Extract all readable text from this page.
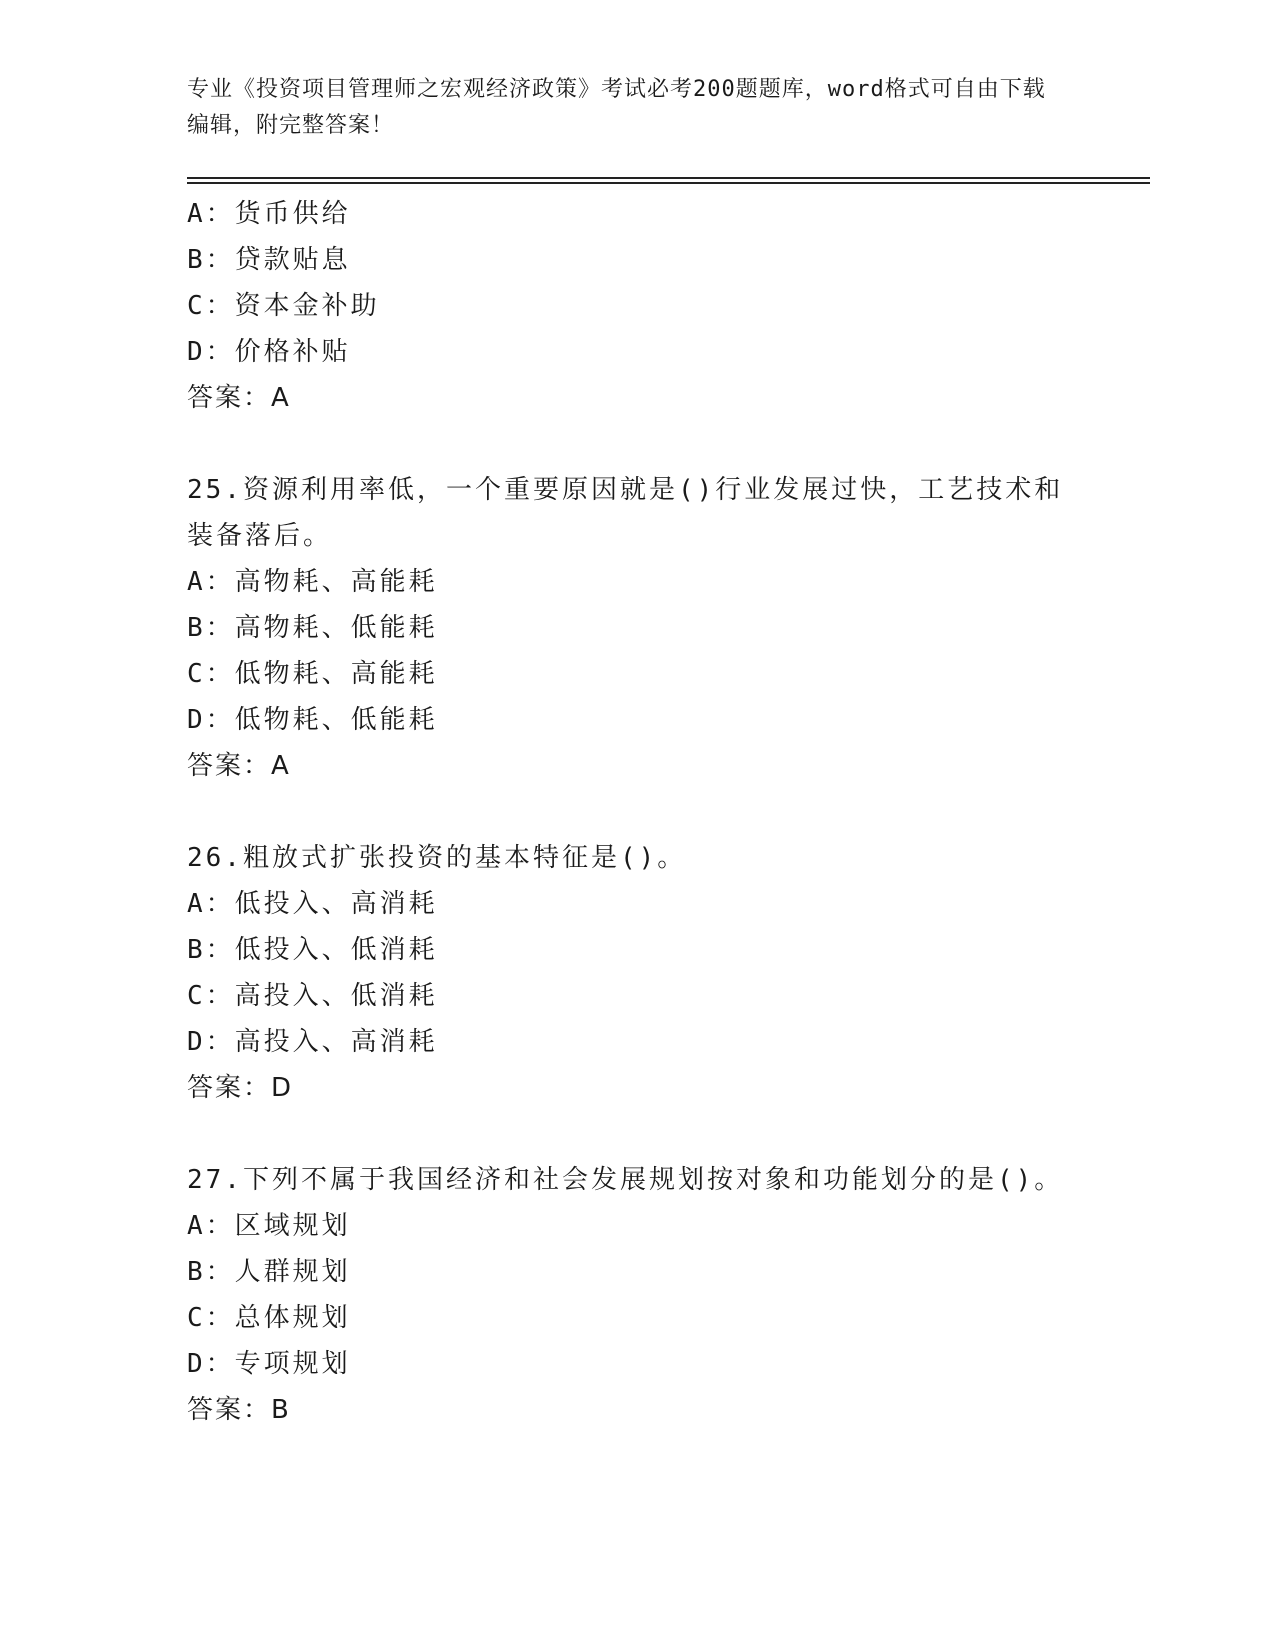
专业《投资项目管理师之宏观经济政策》考试必考200题题库，word格式可自由下载编辑，附完整答案！
A：货币供给
B：贷款贴息
C：资本金补助
D：价格补贴
答案：A
25.资源利用率低，一个重要原因就是()行业发展过快，工艺技术和装备落后。
A：高物耗、高能耗
B：高物耗、低能耗
C：低物耗、高能耗
D：低物耗、低能耗
答案：A
26.粗放式扩张投资的基本特征是()。
A：低投入、高消耗
B：低投入、低消耗
C：高投入、低消耗
D：高投入、高消耗
答案：D
27.下列不属于我国经济和社会发展规划按对象和功能划分的是()。
A：区域规划
B：人群规划
C：总体规划
D：专项规划
答案：B
